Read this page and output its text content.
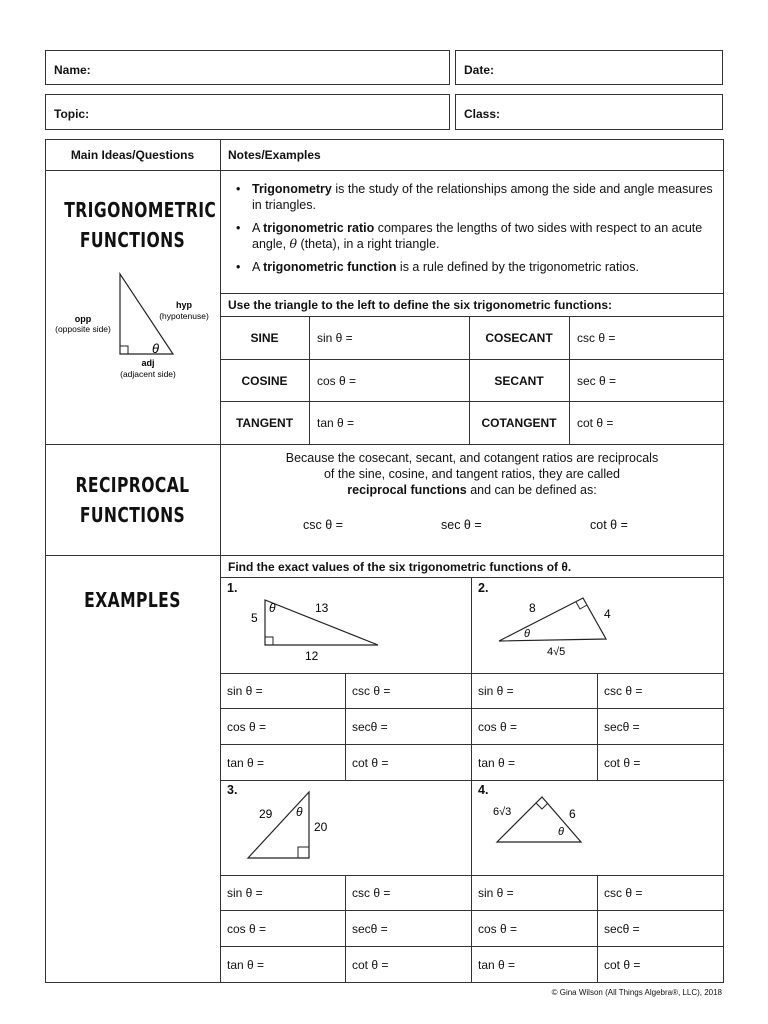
Name:	Date:
Topic:	Class:
Main Ideas/Questions	Notes/Examples
TRIGONOMETRIC
FUNCTIONS
θ
opp
(opposite side)
hyp
(hypotenuse)
adj
(adjacent side)
• Trigonometry is the study of the relationships among the side and angle measures in triangles.
• A trigonometric ratio compares the lengths of two sides with respect to an acute angle, θ (theta), in a right triangle.
• A trigonometric function is a rule defined by the trigonometric ratios.
Use the triangle to the left to define the six trigonometric functions:
SINE	sin θ =	COSECANT	csc θ =
COSINE	cos θ =	SECANT	sec θ =
TANGENT	tan θ =	COTANGENT	cot θ =
RECIPROCAL
FUNCTIONS
Because the cosecant, secant, and cotangent ratios are reciprocals
of the sine, cosine, and tangent ratios, they are called
reciprocal functions and can be defined as:
csc θ =	sec θ =	cot θ =
EXAMPLES
Find the exact values of the six trigonometric functions of θ.
1.
θ
5
13
12
2.
θ
8	4
4√5
3.
θ
29
20
4.
θ
6√3	6
sin θ =	csc θ =	sin θ =	csc θ =
cos θ =	secθ =	cos θ =	secθ =
tan θ =	cot θ =	tan θ =	cot θ =
sin θ =	csc θ =	sin θ =	csc θ =
cos θ =	secθ =	cos θ =	secθ =
tan θ =	cot θ =	tan θ =	cot θ =
© Gina Wilson (All Things Algebra®, LLC), 2018
